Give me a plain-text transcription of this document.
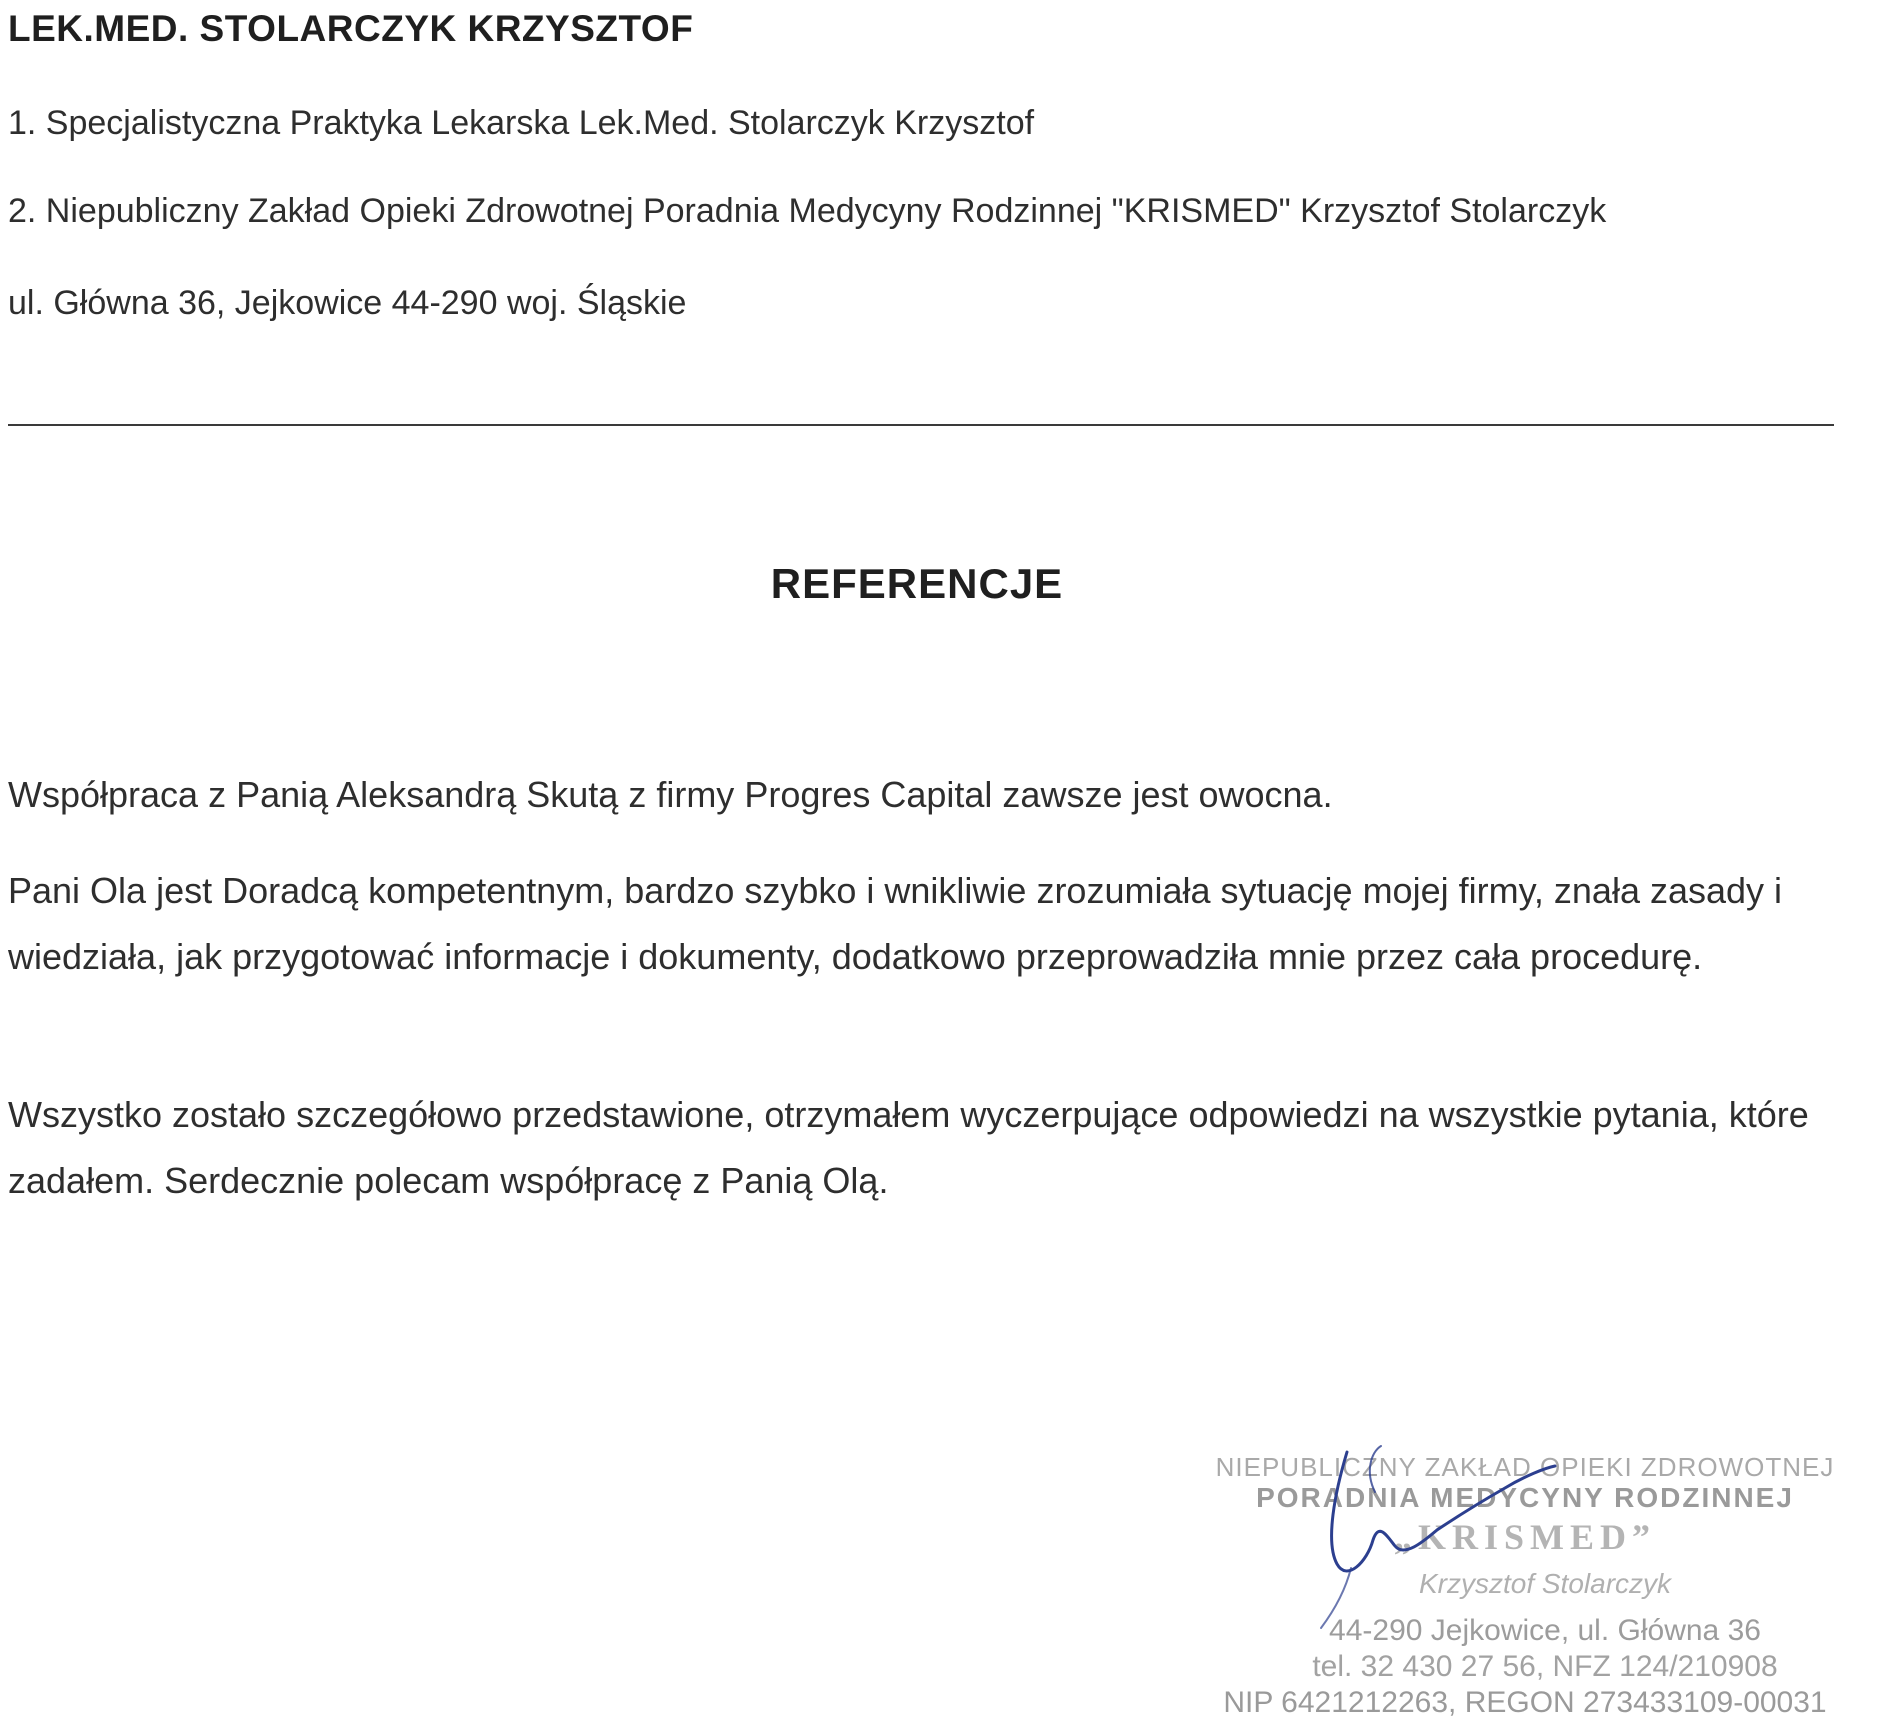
LEK.MED. STOLARCZYK KRZYSZTOF

1. Specjalistyczna Praktyka Lekarska Lek.Med. Stolarczyk Krzysztof

2. Niepubliczny Zakład Opieki Zdrowotnej Poradnia Medycyny Rodzinnej "KRISMED" Krzysztof Stolarczyk

ul. Główna 36, Jejkowice 44-290 woj. Śląskie

REFERENCJE

Współpraca z Panią Aleksandrą Skutą z firmy Progres Capital zawsze jest owocna.

Pani Ola jest Doradcą kompetentnym, bardzo szybko i wnikliwie zrozumiała sytuację mojej firmy, znała zasady i wiedziała, jak przygotować informacje i dokumenty, dodatkowo przeprowadziła mnie przez cała procedurę.

Wszystko zostało szczegółowo przedstawione, otrzymałem wyczerpujące odpowiedzi na wszystkie pytania, które zadałem. Serdecznie polecam współpracę z Panią Olą.

NIEPUBLICZNY ZAKŁAD OPIEKI ZDROWOTNEJ
PORADNIA MEDYCYNY RODZINNEJ
„KRISMED”
Krzysztof Stolarczyk
44-290 Jejkowice, ul. Główna 36
tel. 32 430 27 56, NFZ 124/210908
NIP 6421212263, REGON 273433109-00031
